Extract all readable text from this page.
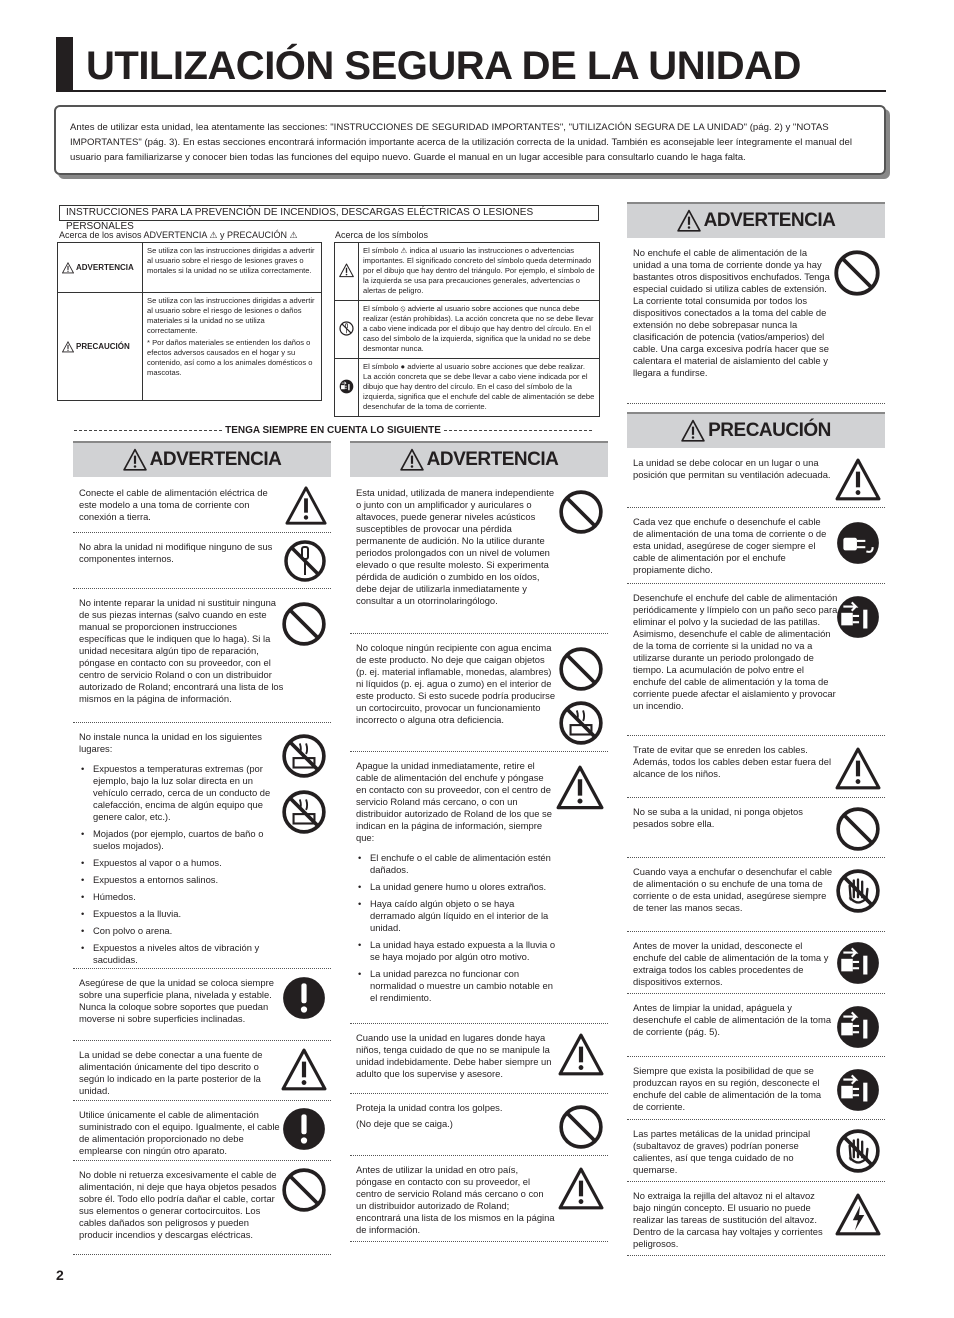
UTILIZACIÓN SEGURA DE LA UNIDAD
Antes de utilizar esta unidad, lea atentamente las secciones: "INSTRUCCIONES DE SEGURIDAD IMPORTANTES", "UTILIZACIÓN SEGURA DE LA UNIDAD" (pág. 2) y "NOTAS IMPORTANTES" (pág. 3). En estas secciones encontrará información importante acerca de la utilización correcta de la unidad. También es aconsejable leer íntegramente el manual del usuario para familiarizarse y conocer bien todas las funciones del equipo nuevo. Guarde el manual en un lugar accesible para consultarlo cuando le haga falta.
INSTRUCCIONES PARA LA PREVENCIÓN DE INCENDIOS, DESCARGAS ELÉCTRICAS O LESIONES PERSONALES
Acerca de los avisos ADVERTENCIA ⚠ y PRECAUCIÓN ⚠
ADVERTENCIA	Se utiliza con las instrucciones dirigidas a advertir al usuario sobre el riesgo de lesiones graves o mortales si la unidad no se utiliza correctamente.

PRECAUCIÓN	Se utiliza con las instrucciones dirigidas a advertir al usuario sobre el riesgo de lesiones o daños materiales si la unidad no se utiliza correctamente.
* Por daños materiales se entienden los daños o efectos adversos causados en el hogar y su contenido, así como a los animales domésticos o mascotas.
Acerca de los símbolos
	El símbolo ⚠ indica al usuario las instrucciones o advertencias importantes. El significado concreto del símbolo queda determinado por el dibujo que hay dentro del triángulo. Por ejemplo, el símbolo de la izquierda se usa para precauciones generales, advertencias o alertas de peligro.
	El símbolo ⦸ advierte al usuario sobre acciones que nunca debe realizar (están prohibidas). La acción concreta que no se debe llevar a cabo viene indicada por el dibujo que hay dentro del círculo. En el caso del símbolo de la izquierda, significa que la unidad no se debe desmontar nunca.
	El símbolo ● advierte al usuario sobre acciones que debe realizar. La acción concreta que se debe llevar a cabo viene indicada por el dibujo que hay dentro del círculo. En el caso del símbolo de la izquierda, significa que el enchufe del cable de alimentación se debe desenchufar de la toma de corriente.
TENGA SIEMPRE EN CUENTA LO SIGUIENTE
ADVERTENCIA
Conecte el cable de alimentación eléctrica de este modelo a una toma de corriente con conexión a tierra.
No abra la unidad ni modifique ninguno de sus componentes internos.
No intente reparar la unidad ni sustituir ninguna de sus piezas internas (salvo cuando en este manual se proporcionen instrucciones específicas que le indiquen que lo haga). Si la unidad necesitara algún tipo de reparación, póngase en contacto con su proveedor, con el centro de servicio Roland o con un distribuidor autorizado de Roland; encontrará una lista de los mismos en la página de información.
No instale nunca la unidad en los siguientes lugares:
• Expuestos a temperaturas extremas (por ejemplo, bajo la luz solar directa en un vehículo cerrado, cerca de un conducto de calefacción, encima de algún equipo que genere calor, etc.).
• Mojados (por ejemplo, cuartos de baño o suelos mojados).
• Expuestos al vapor o a humos.
• Expuestos a entornos salinos.
• Húmedos.
• Expuestos a la lluvia.
• Con polvo o arena.
• Expuestos a niveles altos de vibración y sacudidas.
Asegúrese de que la unidad se coloca siempre sobre una superficie plana, nivelada y estable. Nunca la coloque sobre soportes que puedan moverse ni sobre superficies inclinadas.
La unidad se debe conectar a una fuente de alimentación únicamente del tipo descrito o según lo indicado en la parte posterior de la unidad.
Utilice únicamente el cable de alimentación suministrado con el equipo. Igualmente, el cable de alimentación proporcionado no debe emplearse con ningún otro aparato.
No doble ni retuerza excesivamente el cable de alimentación, ni deje que haya objetos pesados sobre él. Todo ello podría dañar el cable, cortar sus elementos o generar cortocircuitos. Los cables dañados son peligrosos y pueden producir incendios y descargas eléctricas.
ADVERTENCIA
Esta unidad, utilizada de manera independiente o junto con un amplificador y auriculares o altavoces, puede generar niveles acústicos susceptibles de provocar una pérdida permanente de audición. No la utilice durante periodos prolongados con un nivel de volumen elevado o que resulte molesto. Si experimenta pérdida de audición o zumbido en los oídos, debe dejar de utilizarla inmediatamente y consultar a un otorrinolaringólogo.
No coloque ningún recipiente con agua encima de este producto. No deje que caigan objetos (p. ej. material inflamable, monedas, alambres) ni líquidos (p. ej. agua o zumo) en el interior de este producto. Si esto sucede podría producirse un cortocircuito, provocar un funcionamiento incorrecto o alguna otra deficiencia.
Apague la unidad inmediatamente, retire el cable de alimentación del enchufe y póngase en contacto con su proveedor, con el centro de servicio Roland más cercano, o con un distribuidor autorizado de Roland de los que se indican en la página de información, siempre que:
• El enchufe o el cable de alimentación estén dañados.
• La unidad genere humo u olores extraños.
• Haya caído algún objeto o se haya derramado algún líquido en el interior de la unidad.
• La unidad haya estado expuesta a la lluvia o se haya mojado por algún otro motivo.
• La unidad parezca no funcionar con normalidad o muestre un cambio notable en el rendimiento.
Cuando use la unidad en lugares donde haya niños, tenga cuidado de que no se manipule la unidad indebidamente. Debe haber siempre un adulto que los supervise y asesore.
Proteja la unidad contra los golpes.
(No deje que se caiga.)
Antes de utilizar la unidad en otro país, póngase en contacto con su proveedor, el centro de servicio Roland más cercano o con un distribuidor autorizado de Roland; encontrará una lista de los mismos en la página de información.
ADVERTENCIA
No enchufe el cable de alimentación de la unidad a una toma de corriente donde ya hay bastantes otros dispositivos enchufados. Tenga especial cuidado si utiliza cables de extensión. La corriente total consumida por todos los dispositivos conectados a la toma del cable de extensión no debe sobrepasar nunca la clasificación de potencia (vatios/amperios) del cable. Una carga excesiva podría hacer que se calentara el material de aislamiento del cable y llegara a fundirse.
PRECAUCIÓN
La unidad se debe colocar en un lugar o una posición que permitan su ventilación adecuada.
Cada vez que enchufe o desenchufe el cable de alimentación de una toma de corriente o de esta unidad, asegúrese de coger siempre el cable de alimentación por el enchufe propiamente dicho.
Desenchufe el enchufe del cable de alimentación periódicamente y límpielo con un paño seco para eliminar el polvo y la suciedad de las patillas. Asimismo, desenchufe el cable de alimentación de la toma de corriente si la unidad no va a utilizarse durante un periodo prolongado de tiempo. La acumulación de polvo entre el enchufe del cable de alimentación y la toma de corriente puede afectar el aislamiento y provocar un incendio.
Trate de evitar que se enreden los cables. Además, todos los cables deben estar fuera del alcance de los niños.
No se suba a la unidad, ni ponga objetos pesados sobre ella.
Cuando vaya a enchufar o desenchufar el cable de alimentación o su enchufe de una toma de corriente o de esta unidad, asegúrese siempre de tener las manos secas.
Antes de mover la unidad, desconecte el enchufe del cable de alimentación de la toma y extraiga todos los cables procedentes de dispositivos externos.
Antes de limpiar la unidad, apáguela y desenchufe el cable de alimentación de la toma de corriente (pág. 5).
Siempre que exista la posibilidad de que se produzcan rayos en su región, desconecte el enchufe del cable de alimentación de la toma de corriente.
Las partes metálicas de la unidad principal (subaltavoz de graves) podrían ponerse calientes, así que tenga cuidado de no quemarse.
No extraiga la rejilla del altavoz ni el altavoz bajo ningún concepto. El usuario no puede realizar las tareas de sustitución del altavoz. Dentro de la carcasa hay voltajes y corrientes peligrosos.
2
